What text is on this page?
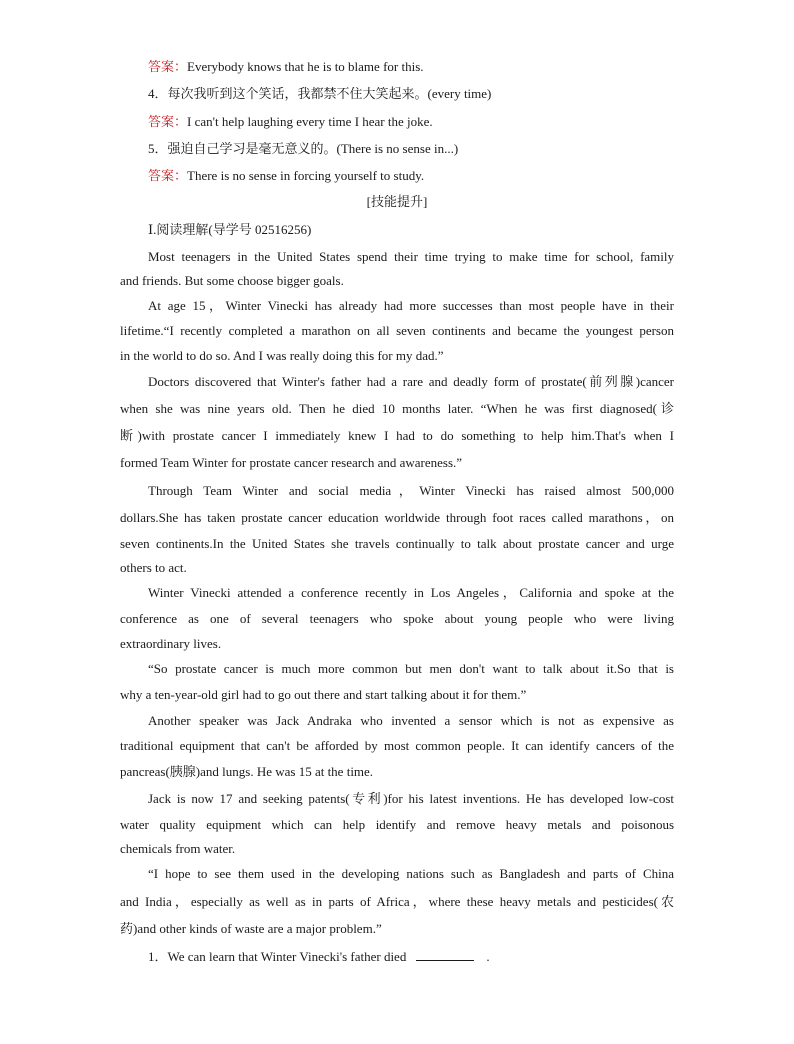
答案：Everybody knows that he is to blame for this.
4．每次我听到这个笑话，我都禁不住大笑起来。(every time)
答案：I can't help laughing every time I hear the joke.
5．强迫自己学习是毫无意义的。(There is no sense in...)
答案：There is no sense in forcing yourself to study.
[技能提升]
Ⅰ.阅读理解(导学号 02516256)
Most teenagers in the United States spend their time trying to make time for school, family
and friends. But some choose bigger goals.
At age 15，Winter Vinecki has already had more successes than most people have in their
lifetime.“I recently completed a marathon on all seven continents and became the youngest person
in the world to do so. And I was really doing this for my dad.”
Doctors discovered that Winter's father had a rare and deadly form of prostate(前列腺)cancer
when she was nine years old. Then he died 10 months later. “When he was first diagnosed(诊
断)with prostate cancer I immediately knew I had to do something to help him.That's when I
formed Team Winter for prostate cancer research and awareness.”
Through Team Winter and social media，Winter Vinecki has raised almost 500,000
dollars.She has taken prostate cancer education worldwide through foot races called marathons，on
seven continents.In the United States she travels continually to talk about prostate cancer and urge
others to act.
Winter Vinecki attended a conference recently in Los Angeles，California and spoke at the
conference as one of several teenagers who spoke about young people who were living
extraordinary lives.
“So prostate cancer is much more common but men don't want to talk about it.So that is
why a ten-year-old girl had to go out there and start talking about it for them.”
Another speaker was Jack Andraka who invented a sensor which is not as expensive as
traditional equipment that can't be afforded by most common people. It can identify cancers of the
pancreas(胰腺)and lungs. He was 15 at the time.
Jack is now 17 and seeking patents(专利)for his latest inventions. He has developed low-cost
water quality equipment which can help identify and remove heavy metals and poisonous
chemicals from water.
“I hope to see them used in the developing nations such as Bangladesh and parts of China
and India，especially as well as in parts of Africa，where these heavy metals and pesticides(农
药)and other kinds of waste are a major problem.”
1．We can learn that Winter Vinecki's father died	.
